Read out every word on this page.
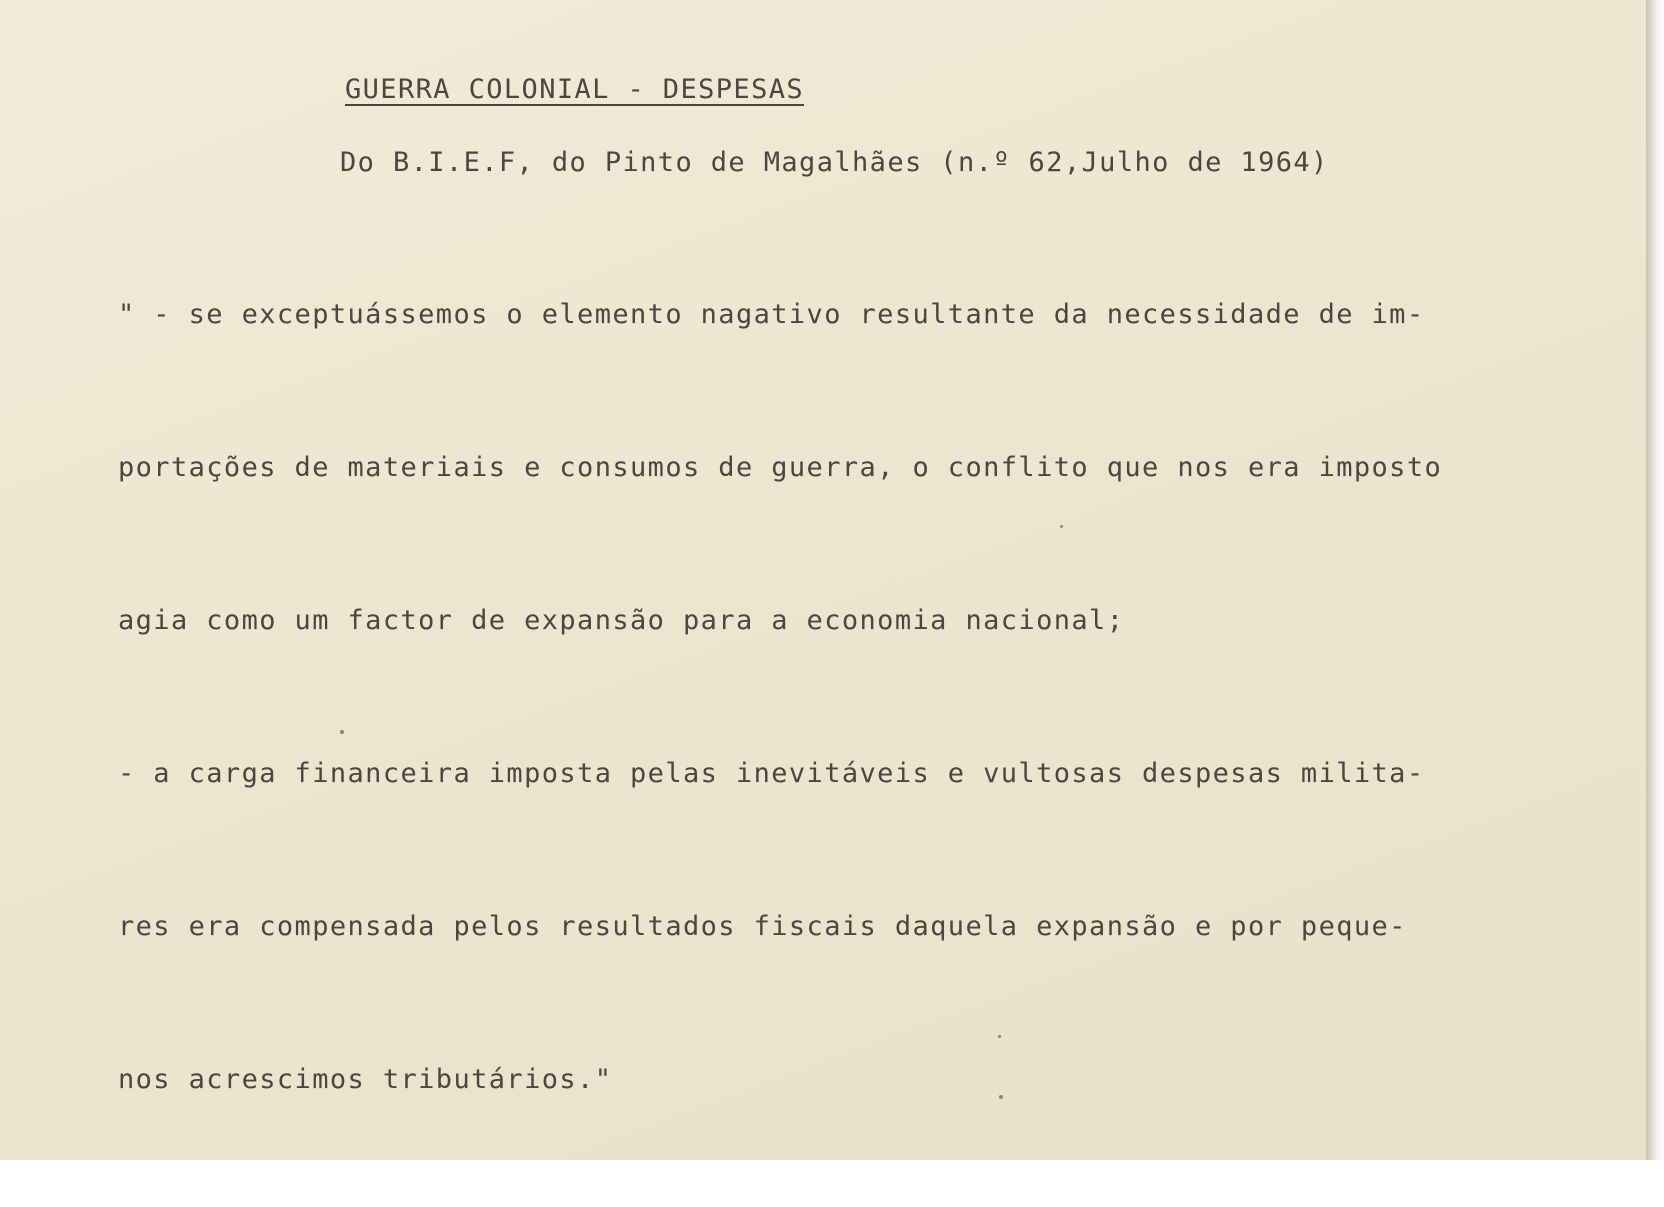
GUERRA COLONIAL - DESPESAS
Do B.I.E.F, do Pinto de Magalhães (n.º 62,Julho de 1964)

" - se exceptuássemos o elemento nagativo resultante da necessidade de im-

portações de materiais e consumos de guerra, o conflito que nos era imposto

agia como um factor de expansão para a economia nacional;

- a carga financeira imposta pelas inevitáveis e vultosas despesas milita-

res era compensada pelos resultados fiscais daquela expansão e por peque-

nos acrescimos tributários."
